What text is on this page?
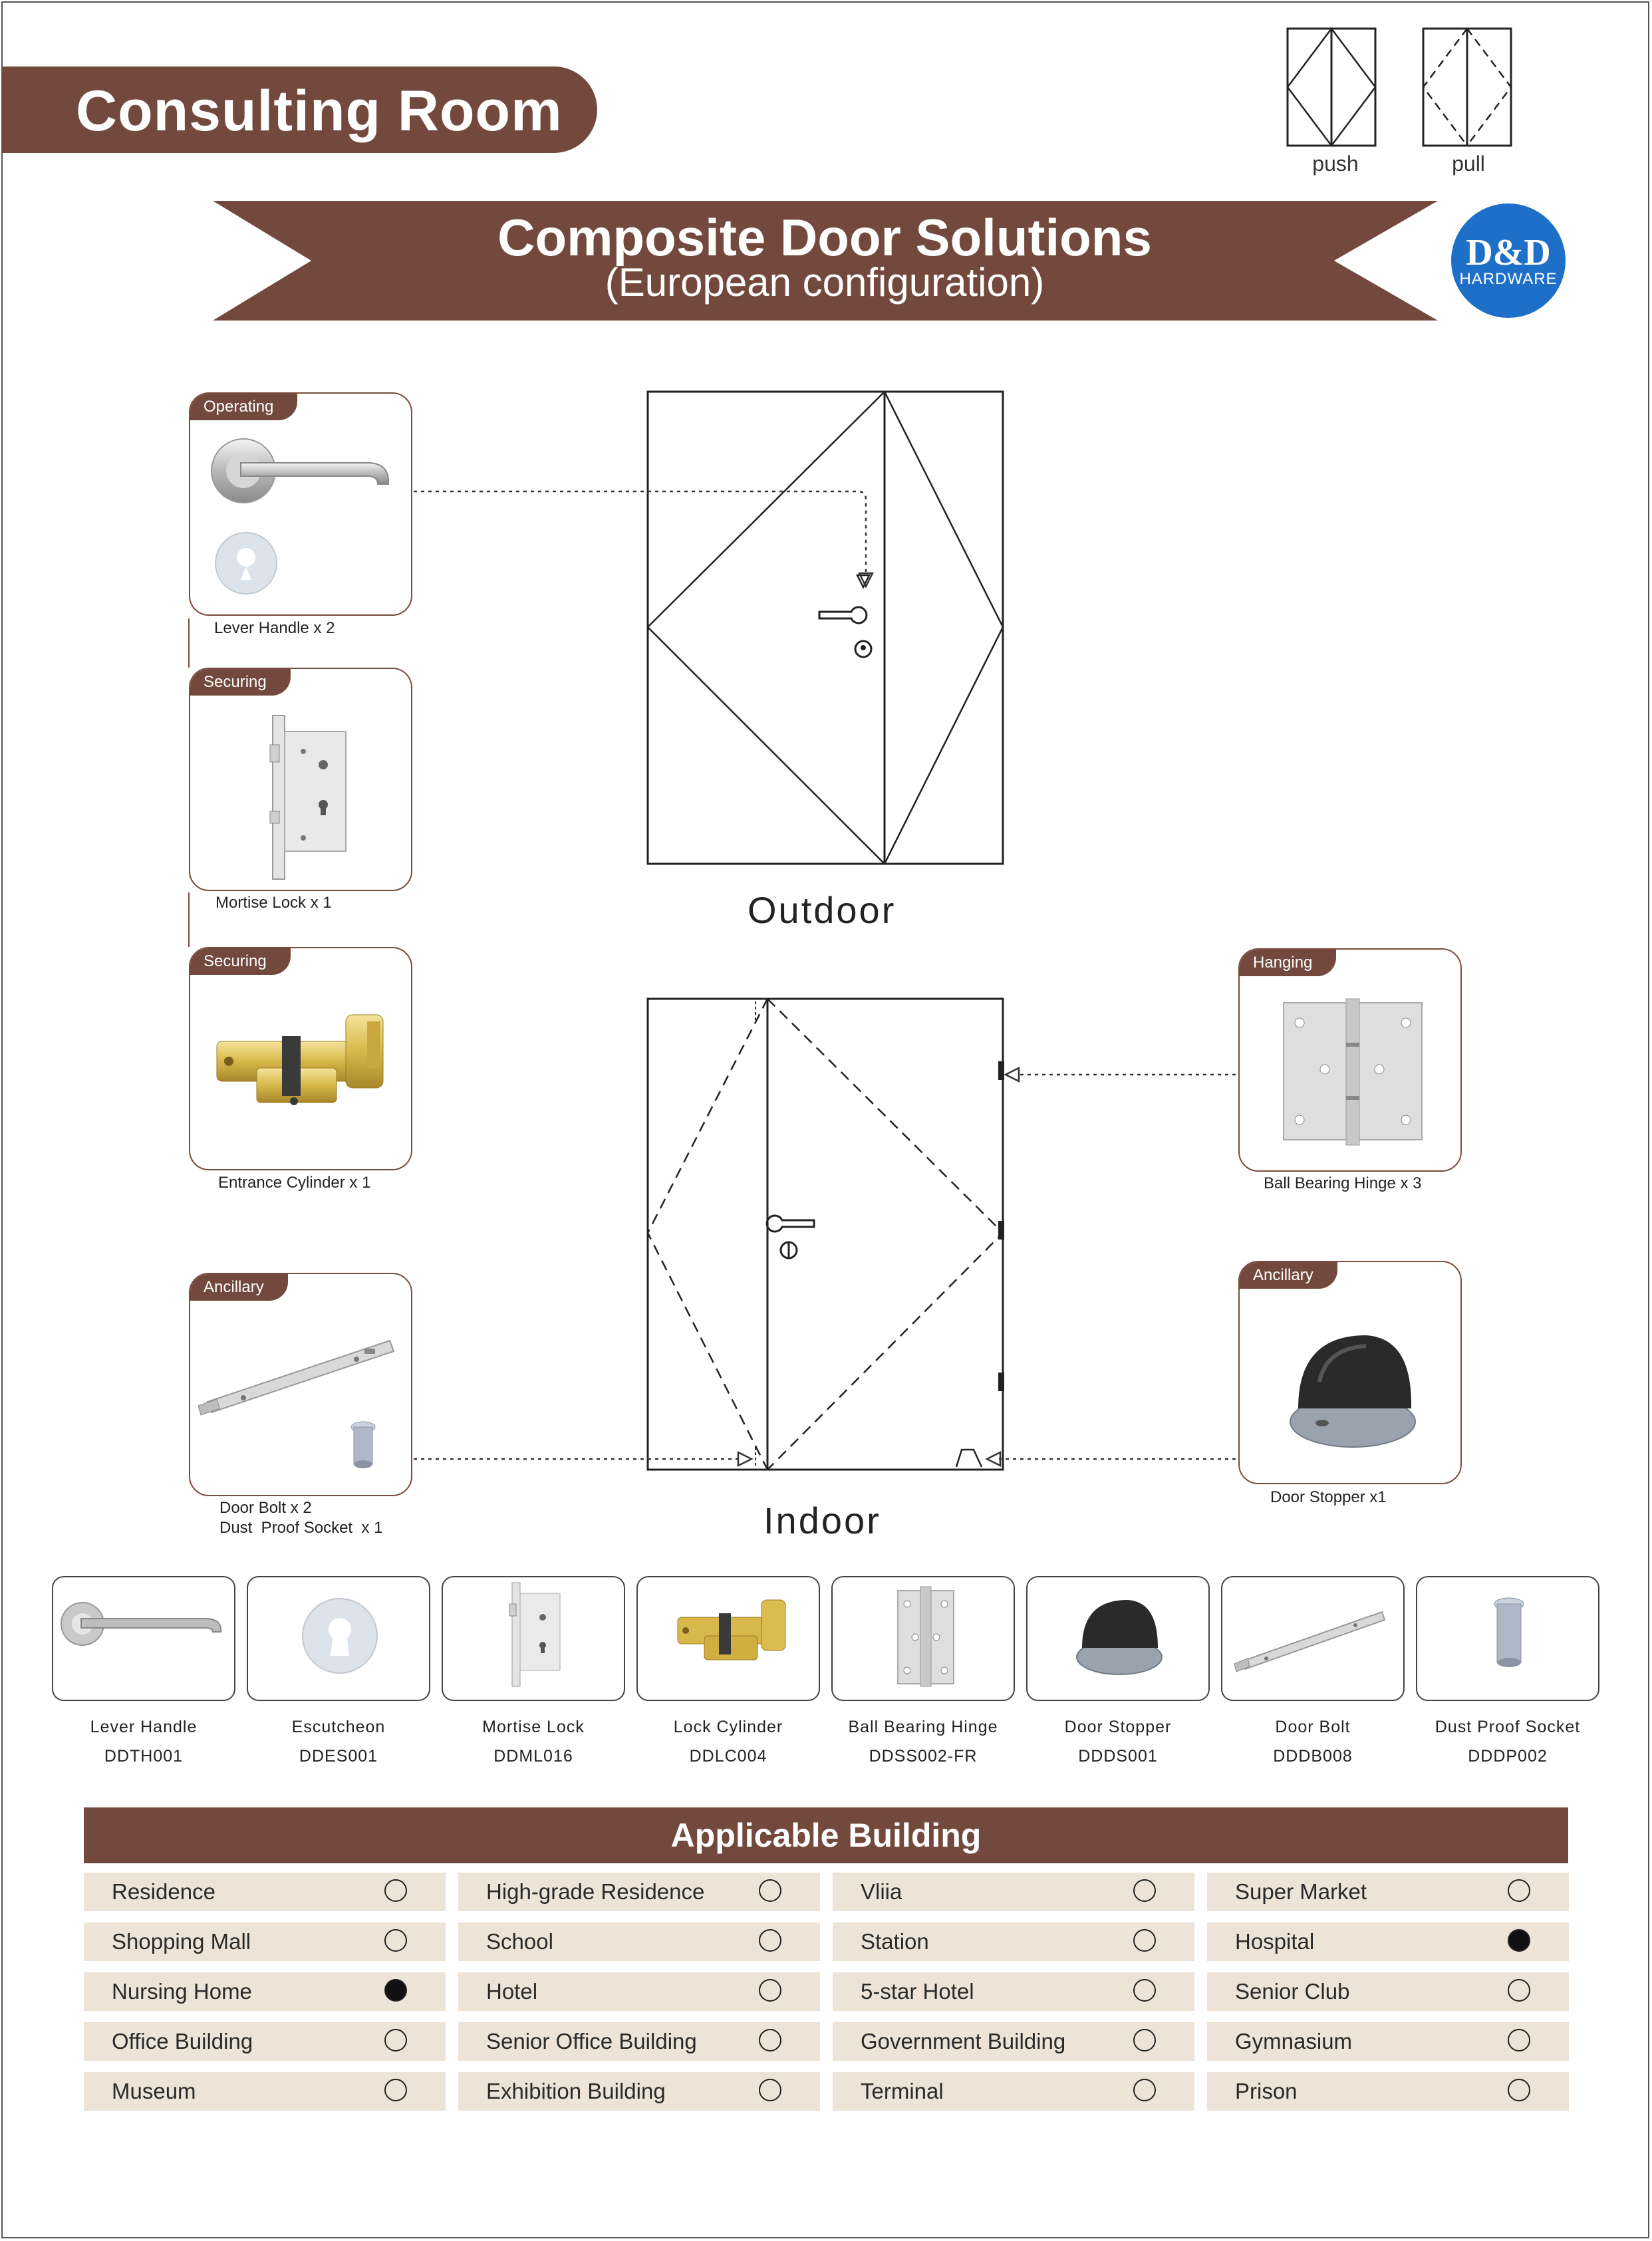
Consulting Room
push	pull
Composite Door Solutions
(European configuration)
D&D
HARDWARE
Outdoor
Indoor
Operating
Lever Handle x 2
Securing
Mortise Lock x 1
Securing
Entrance Cylinder x 1
Ancillary
Door Bolt x 2
Dust  Proof Socket  x 1
Hanging
Ball Bearing Hinge x 3
Ancillary
Door Stopper x1
Lever Handle
DDTH001
Escutcheon
DDES001
Mortise Lock
DDML016
Lock Cylinder
DDLC004
Ball Bearing Hinge
DDSS002-FR
Door Stopper
DDDS001
Door Bolt
DDDB008
Dust Proof Socket
DDDP002
Applicable Building
Residence	High-grade Residence	Vliia	Super Market
Shopping Mall	School	Station	Hospital
Nursing Home	Hotel	5-star Hotel	Senior Club
Office Building	Senior Office Building	Government Building	Gymnasium
Museum	Exhibition Building	Terminal	Prison
